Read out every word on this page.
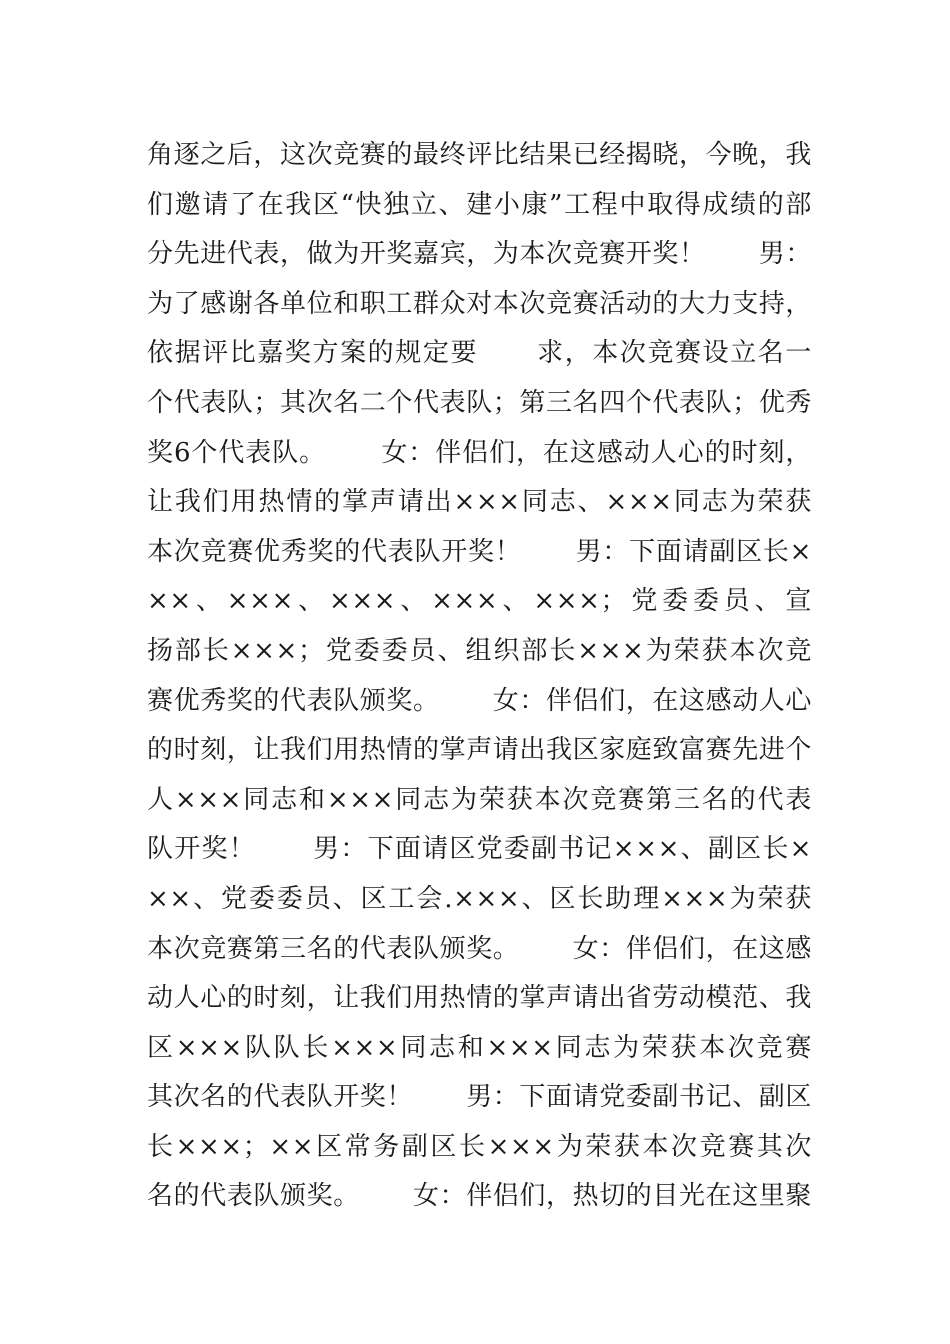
角逐之后，这次竞赛的最终评比结果已经揭晓，今晚，我
们邀请了在我区“快独立、建小康”工程中取得成绩的部
分先进代表，做为开奖嘉宾，为本次竞赛开奖！      男：
为了感谢各单位和职工群众对本次竞赛活动的大力支持，
依据评比嘉奖方案的规定要      求，本次竞赛设立名一
个代表队；其次名二个代表队；第三名四个代表队；优秀
奖6个代表队。      女：伴侣们，在这感动人心的时刻，
让我们用热情的掌声请出×××同志、×××同志为荣获
本次竞赛优秀奖的代表队开奖！      男：下面请副区长×
××、×××、×××、×××、×××；党委委员、宣
扬部长×××；党委委员、组织部长×××为荣获本次竞
赛优秀奖的代表队颁奖。      女：伴侣们，在这感动人心
的时刻，让我们用热情的掌声请出我区家庭致富赛先进个
人×××同志和×××同志为荣获本次竞赛第三名的代表
队开奖！      男：下面请区党委副书记×××、副区长×
××、党委委员、区工会.×××、区长助理×××为荣获
本次竞赛第三名的代表队颁奖。      女：伴侣们，在这感
动人心的时刻，让我们用热情的掌声请出省劳动模范、我
区×××队队长×××同志和×××同志为荣获本次竞赛
其次名的代表队开奖！      男：下面请党委副书记、副区
长×××；××区常务副区长×××为荣获本次竞赛其次
名的代表队颁奖。      女：伴侣们，热切的目光在这里聚
